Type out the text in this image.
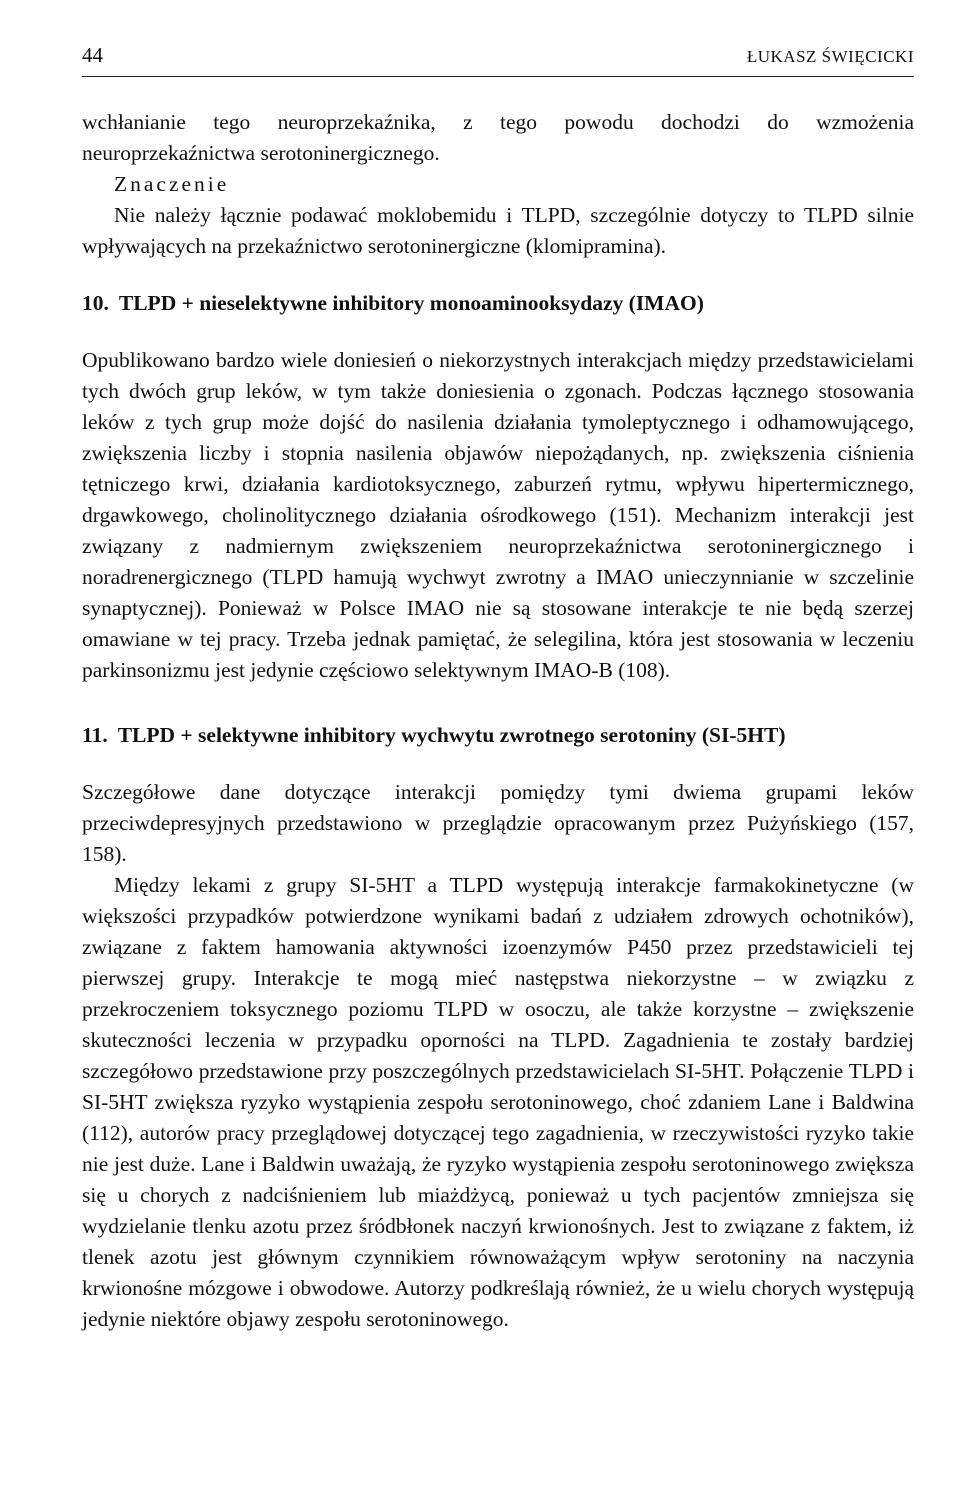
44	ŁUKASZ ŚWIĘCICKI

wchłanianie tego neuroprzekaźnika, z tego powodu dochodzi do wzmożenia neuroprzekaźnictwa serotoninergicznego.

Znaczenie

Nie należy łącznie podawać moklobemidu i TLPD, szczególnie dotyczy to TLPD silnie wpływających na przekaźnictwo serotoninergiczne (klomipramina).

10. TLPD + nieselektywne inhibitory monoaminooksydazy (IMAO)

Opublikowano bardzo wiele doniesień o niekorzystnych interakcjach między przedstawicielami tych dwóch grup leków, w tym także doniesienia o zgonach. Podczas łącznego stosowania leków z tych grup może dojść do nasilenia działania tymoleptycznego i odhamowującego, zwiększenia liczby i stopnia nasilenia objawów niepożądanych, np. zwiększenia ciśnienia tętniczego krwi, działania kardiotoksycznego, zaburzeń rytmu, wpływu hipertermicznego, drgawkowego, cholinolitycznego działania ośrodkowego (151). Mechanizm interakcji jest związany z nadmiernym zwiększeniem neuroprzekaźnictwa serotoninergicznego i noradrenergicznego (TLPD hamują wychwyt zwrotny a IMAO unieczynnianie w szczelinie synaptycznej). Ponieważ w Polsce IMAO nie są stosowane interakcje te nie będą szerzej omawiane w tej pracy. Trzeba jednak pamiętać, że selegilina, która jest stosowania w leczeniu parkinsonizmu jest jedynie częściowo selektywnym IMAO-B (108).

11. TLPD + selektywne inhibitory wychwytu zwrotnego serotoniny (SI-5HT)

Szczegółowe dane dotyczące interakcji pomiędzy tymi dwiema grupami leków przeciwdepresyjnych przedstawiono w przeglądzie opracowanym przez Pużyńskiego (157, 158).

Między lekami z grupy SI-5HT a TLPD występują interakcje farmakokinetyczne (w większości przypadków potwierdzone wynikami badań z udziałem zdrowych ochotników), związane z faktem hamowania aktywności izoenzymów P450 przez przedstawicieli tej pierwszej grupy. Interakcje te mogą mieć następstwa niekorzystne – w związku z przekroczeniem toksycznego poziomu TLPD w osoczu, ale także korzystne – zwiększenie skuteczności leczenia w przypadku oporności na TLPD. Zagadnienia te zostały bardziej szczegółowo przedstawione przy poszczególnych przedstawicielach SI-5HT. Połączenie TLPD i SI-5HT zwiększa ryzyko wystąpienia zespołu serotoninowego, choć zdaniem Lane i Baldwina (112), autorów pracy przeglądowej dotyczącej tego zagadnienia, w rzeczywistości ryzyko takie nie jest duże. Lane i Baldwin uważają, że ryzyko wystąpienia zespołu serotoninowego zwiększa się u chorych z nadciśnieniem lub miażdżycą, ponieważ u tych pacjentów zmniejsza się wydzielanie tlenku azotu przez śródbłonek naczyń krwionośnych. Jest to związane z faktem, iż tlenek azotu jest głównym czynnikiem równoważącym wpływ serotoniny na naczynia krwionośne mózgowe i obwodowe. Autorzy podkreślają również, że u wielu chorych występują jedynie niektóre objawy zespołu serotoninowego.
